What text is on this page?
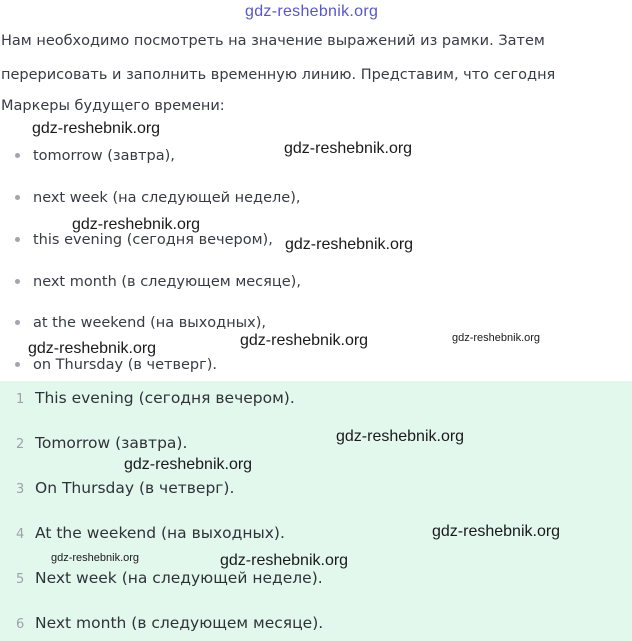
gdz-reshebnik.org
Нам необходимо посмотреть на значение выражений из рамки. Затем
перерисовать и заполнить временную линию. Представим, что сегодня
Маркеры будущего времени:
tomorrow (завтра),
next week (на следующей неделе),
this evening (сегодня вечером),
next month (в следующем месяце),
at the weekend (на выходных),
on Thursday (в четверг).
1 This evening (сегодня вечером).
2 Tomorrow (завтра).
3 On Thursday (в четверг).
4 At the weekend (на выходных).
5 Next week (на следующей неделе).
6 Next month (в следующем месяце).
gdz-reshebnik.org
gdz-reshebnik.org
gdz-reshebnik.org
gdz-reshebnik.org
gdz-reshebnik.org	gdz-reshebnik.org
gdz-reshebnik.org
gdz-reshebnik.org
gdz-reshebnik.org
gdz-reshebnik.org
gdz-reshebnik.org	gdz-reshebnik.org
